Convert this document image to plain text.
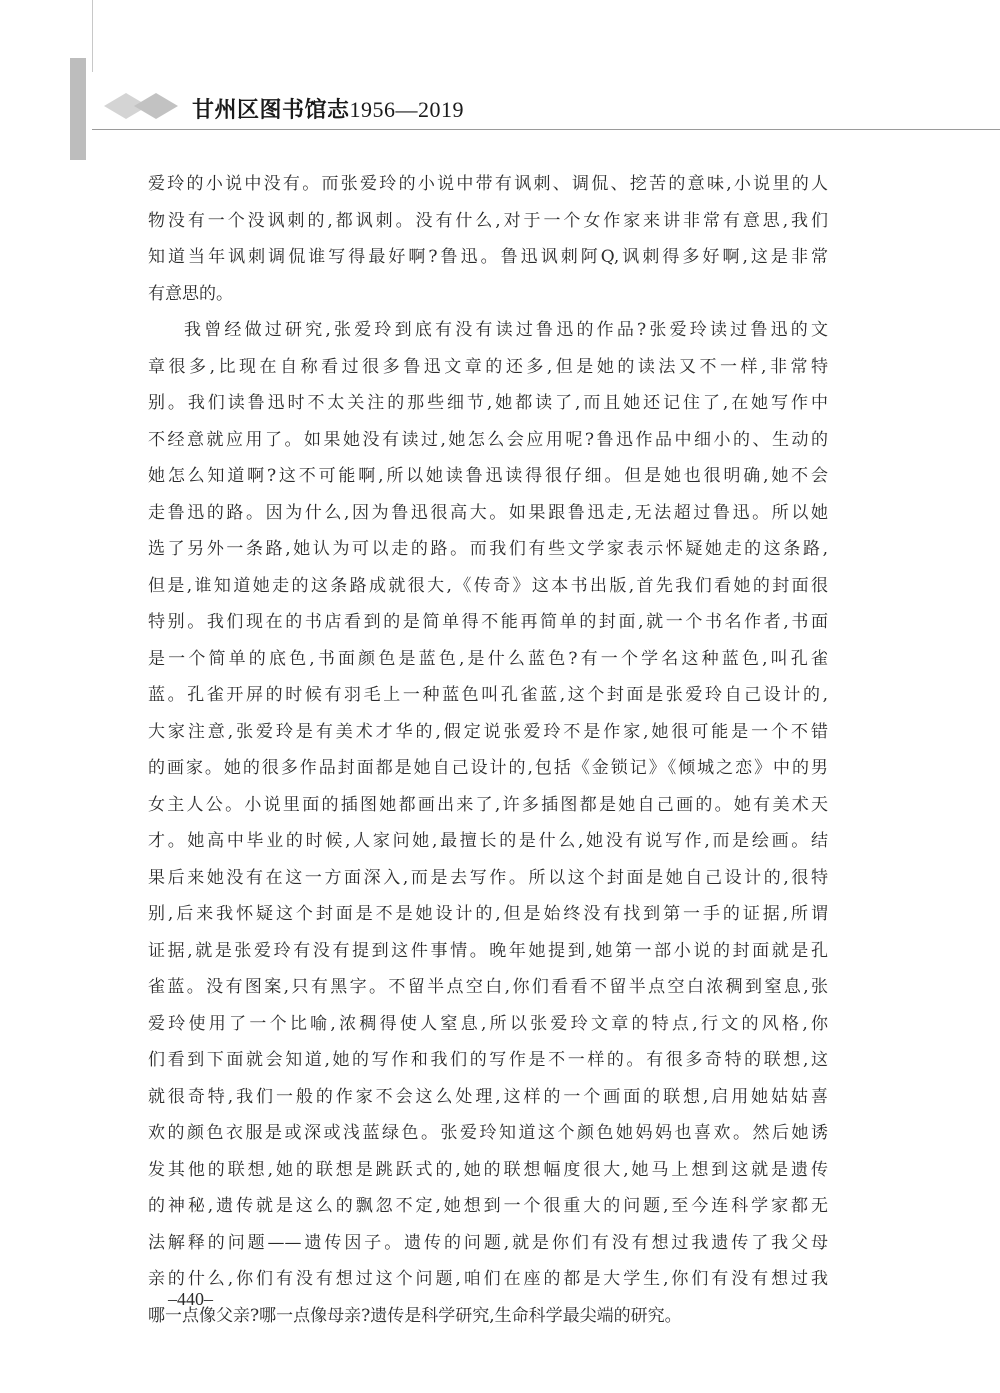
甘州区图书馆志1956—2019
爱玲的小说中没有。而张爱玲的小说中带有讽刺、调侃、挖苦的意味,小说里的人
物没有一个没讽刺的,都讽刺。没有什么,对于一个女作家来讲非常有意思,我们
知道当年讽刺调侃谁写得最好啊?鲁迅。鲁迅讽刺阿Q,讽刺得多好啊,这是非常
有意思的。
我曾经做过研究,张爱玲到底有没有读过鲁迅的作品?张爱玲读过鲁迅的文
章很多,比现在自称看过很多鲁迅文章的还多,但是她的读法又不一样,非常特
别。我们读鲁迅时不太关注的那些细节,她都读了,而且她还记住了,在她写作中
不经意就应用了。如果她没有读过,她怎么会应用呢?鲁迅作品中细小的、生动的
她怎么知道啊?这不可能啊,所以她读鲁迅读得很仔细。但是她也很明确,她不会
走鲁迅的路。因为什么,因为鲁迅很高大。如果跟鲁迅走,无法超过鲁迅。所以她
选了另外一条路,她认为可以走的路。而我们有些文学家表示怀疑她走的这条路,
但是,谁知道她走的这条路成就很大,《传奇》这本书出版,首先我们看她的封面很
特别。我们现在的书店看到的是简单得不能再简单的封面,就一个书名作者,书面
是一个简单的底色,书面颜色是蓝色,是什么蓝色?有一个学名这种蓝色,叫孔雀
蓝。孔雀开屏的时候有羽毛上一种蓝色叫孔雀蓝,这个封面是张爱玲自己设计的,
大家注意,张爱玲是有美术才华的,假定说张爱玲不是作家,她很可能是一个不错
的画家。她的很多作品封面都是她自己设计的,包括《金锁记》《倾城之恋》中的男
女主人公。小说里面的插图她都画出来了,许多插图都是她自己画的。她有美术天
才。她高中毕业的时候,人家问她,最擅长的是什么,她没有说写作,而是绘画。结
果后来她没有在这一方面深入,而是去写作。所以这个封面是她自己设计的,很特
别,后来我怀疑这个封面是不是她设计的,但是始终没有找到第一手的证据,所谓
证据,就是张爱玲有没有提到这件事情。晚年她提到,她第一部小说的封面就是孔
雀蓝。没有图案,只有黑字。不留半点空白,你们看看不留半点空白浓稠到窒息,张
爱玲使用了一个比喻,浓稠得使人窒息,所以张爱玲文章的特点,行文的风格,你
们看到下面就会知道,她的写作和我们的写作是不一样的。有很多奇特的联想,这
就很奇特,我们一般的作家不会这么处理,这样的一个画面的联想,启用她姑姑喜
欢的颜色衣服是或深或浅蓝绿色。张爱玲知道这个颜色她妈妈也喜欢。然后她诱
发其他的联想,她的联想是跳跃式的,她的联想幅度很大,她马上想到这就是遗传
的神秘,遗传就是这么的飘忽不定,她想到一个很重大的问题,至今连科学家都无
法解释的问题——遗传因子。遗传的问题,就是你们有没有想过我遗传了我父母
亲的什么,你们有没有想过这个问题,咱们在座的都是大学生,你们有没有想过我
哪一点像父亲?哪一点像母亲?遗传是科学研究,生命科学最尖端的研究。
–440–
